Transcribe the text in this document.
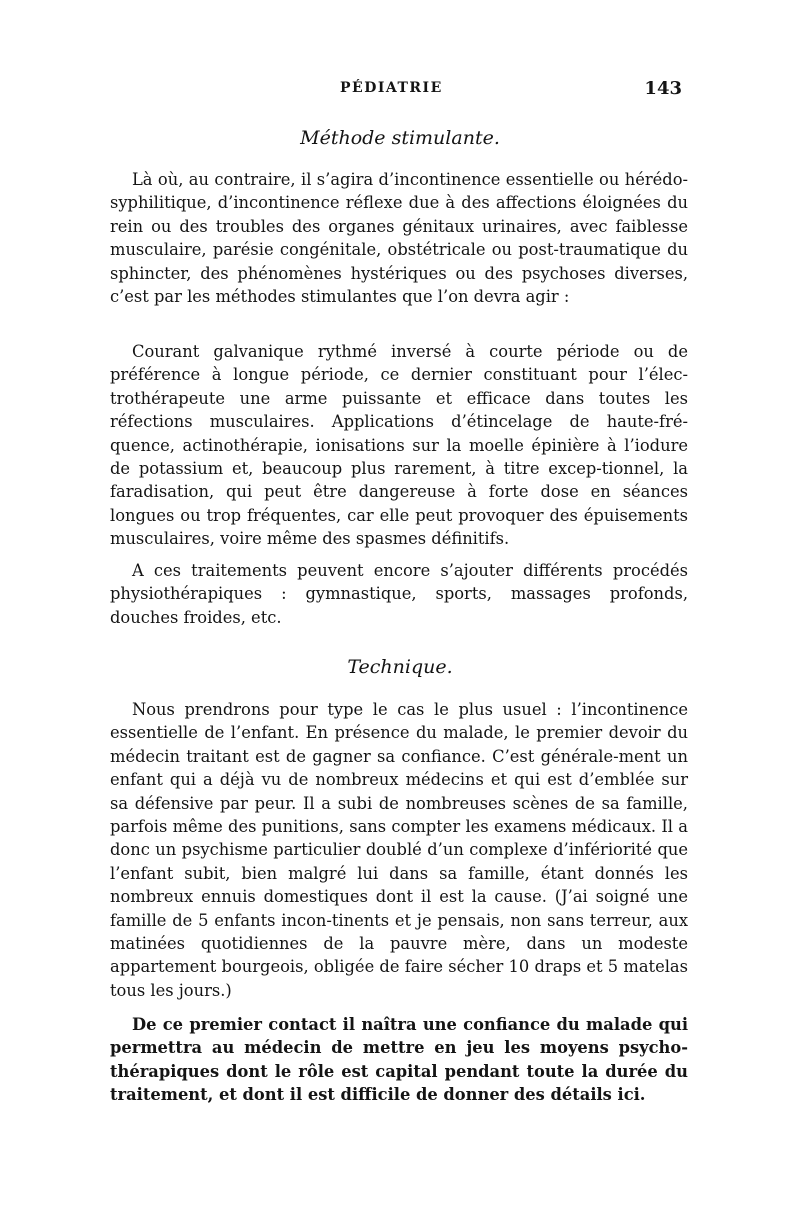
PÉDIATRIE	143
Méthode stimulante.

Là où, au contraire, il s’agira d’incontinence essentielle ou hérédo-syphilitique, d’incontinence réflexe due à des affections éloignées du rein ou des troubles des organes génitaux urinaires, avec faiblesse musculaire, parésie congénitale, obstétricale ou post-traumatique du sphincter, des phénomènes hystériques ou des psychoses diverses, c’est par les méthodes stimulantes que l’on devra agir :

Courant galvanique rythmé inversé à courte période ou de préférence à longue période, ce dernier constituant pour l’élec-trothérapeute une arme puissante et efficace dans toutes les réfections musculaires. Applications d’étincelage de haute-fré-quence, actinothérapie, ionisations sur la moelle épinière à l’iodure de potassium et, beaucoup plus rarement, à titre excep-tionnel, la faradisation, qui peut être dangereuse à forte dose en séances longues ou trop fréquentes, car elle peut provoquer des épuisements musculaires, voire même des spasmes définitifs.

A ces traitements peuvent encore s’ajouter différents procédés physiothérapiques : gymnastique, sports, massages profonds, douches froides, etc.

Technique.

Nous prendrons pour type le cas le plus usuel : l’incontinence essentielle de l’enfant. En présence du malade, le premier devoir du médecin traitant est de gagner sa confiance. C’est générale-ment un enfant qui a déjà vu de nombreux médecins et qui est d’emblée sur sa défensive par peur. Il a subi de nombreuses scènes de sa famille, parfois même des punitions, sans compter les examens médicaux. Il a donc un psychisme particulier doublé d’un complexe d’infériorité que l’enfant subit, bien malgré lui dans sa famille, étant donnés les nombreux ennuis domestiques dont il est la cause. (J’ai soigné une famille de 5 enfants incon-tinents et je pensais, non sans terreur, aux matinées quotidiennes de la pauvre mère, dans un modeste appartement bourgeois, obligée de faire sécher 10 draps et 5 matelas tous les jours.)

De ce premier contact il naîtra une confiance du malade qui permettra au médecin de mettre en jeu les moyens psycho-thérapiques dont le rôle est capital pendant toute la durée du traitement, et dont il est difficile de donner des détails ici.
